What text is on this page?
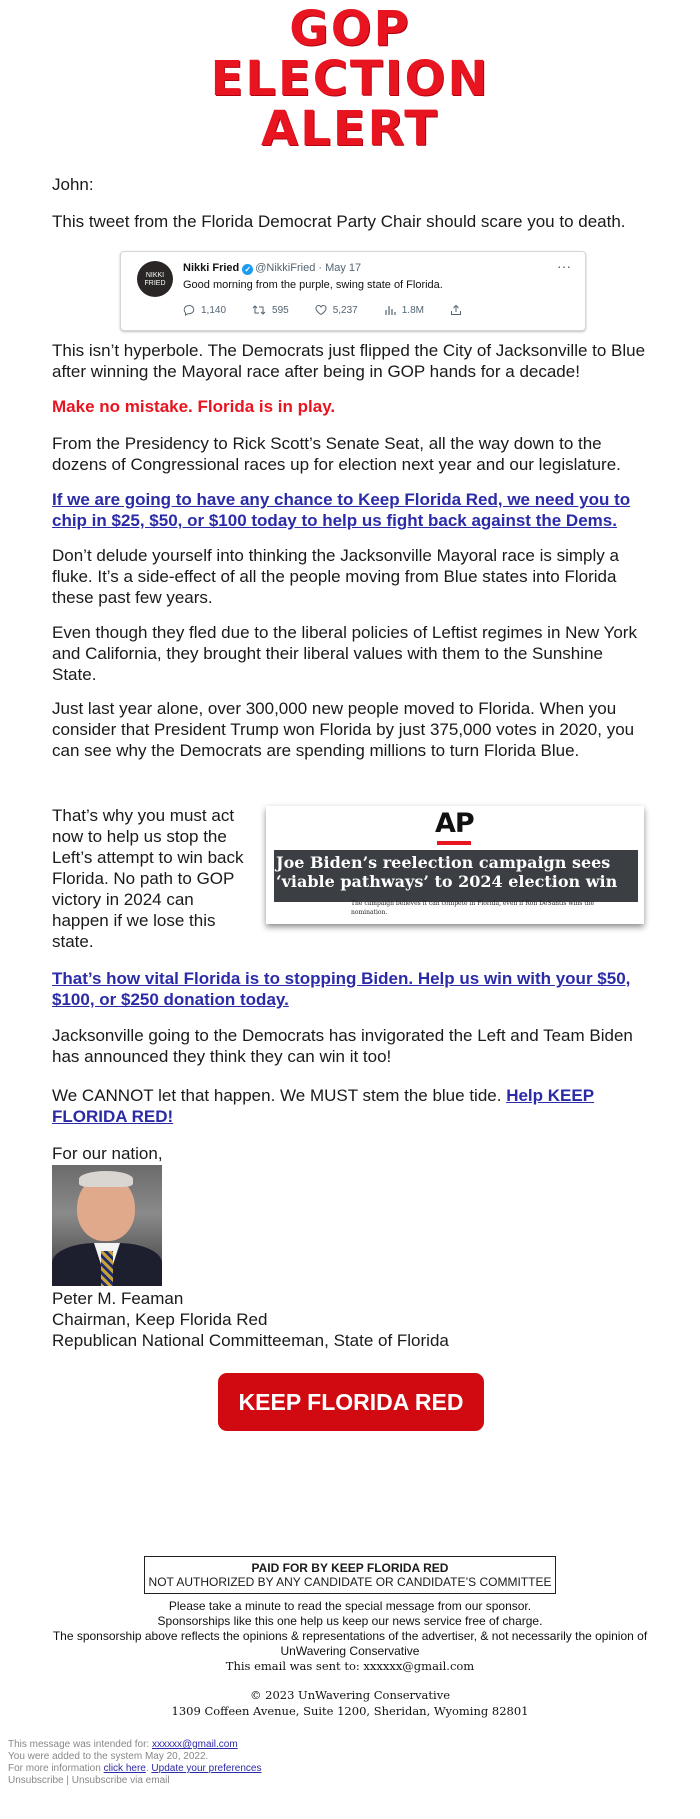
GOP
ELECTION
ALERT
John:
This tweet from the Florida Democrat Party Chair should scare you to death.
NIKKI FRIED
Nikki Fried ✓ @NikkiFried · May 17	···
Good morning from the purple, swing state of Florida.
1,140	595	5,237	1.8M
This isn’t hyperbole. The Democrats just flipped the City of Jacksonville to Blue after winning the Mayoral race after being in GOP hands for a decade!
Make no mistake. Florida is in play.
From the Presidency to Rick Scott’s Senate Seat, all the way down to the dozens of Congressional races up for election next year and our legislature.
If we are going to have any chance to Keep Florida Red, we need you to chip in $25, $50, or $100 today to help us fight back against the Dems.
Don’t delude yourself into thinking the Jacksonville Mayoral race is simply a fluke. It’s a side-effect of all the people moving from Blue states into Florida these past few years.
Even though they fled due to the liberal policies of Leftist regimes in New York and California, they brought their liberal values with them to the Sunshine State.
Just last year alone, over 300,000 new people moved to Florida. When you consider that President Trump won Florida by just 375,000 votes in 2020, you can see why the Democrats are spending millions to turn Florida Blue.
That’s why you must act now to help us stop the Left’s attempt to win back Florida. No path to GOP victory in 2024 can happen if we lose this state.
AP
Joe Biden’s reelection campaign sees ‘viable pathways’ to 2024 election win
The campaign believes it can compete in Florida, even if Ron DeSantis wins the nomination.
That’s how vital Florida is to stopping Biden. Help us win with your $50, $100, or $250 donation today.
Jacksonville going to the Democrats has invigorated the Left and Team Biden has announced they think they can win it too!
We CANNOT let that happen. We MUST stem the blue tide. Help KEEP FLORIDA RED!
For our nation,
Peter M. Feaman
Chairman, Keep Florida Red
Republican National Committeeman, State of Florida
KEEP FLORIDA RED
PAID FOR BY KEEP FLORIDA RED
NOT AUTHORIZED BY ANY CANDIDATE OR CANDIDATE’S COMMITTEE
Please take a minute to read the special message from our sponsor.
Sponsorships like this one help us keep our news service free of charge.
The sponsorship above reflects the opinions & representations of the advertiser, & not necessarily the opinion of UnWavering Conservative
This email was sent to: xxxxxx@gmail.com
© 2023 UnWavering Conservative
1309 Coffeen Avenue, Suite 1200, Sheridan, Wyoming 82801
This message was intended for: xxxxxx@gmail.com
You were added to the system May 20, 2022.
For more information click here. Update your preferences
Unsubscribe | Unsubscribe via email
